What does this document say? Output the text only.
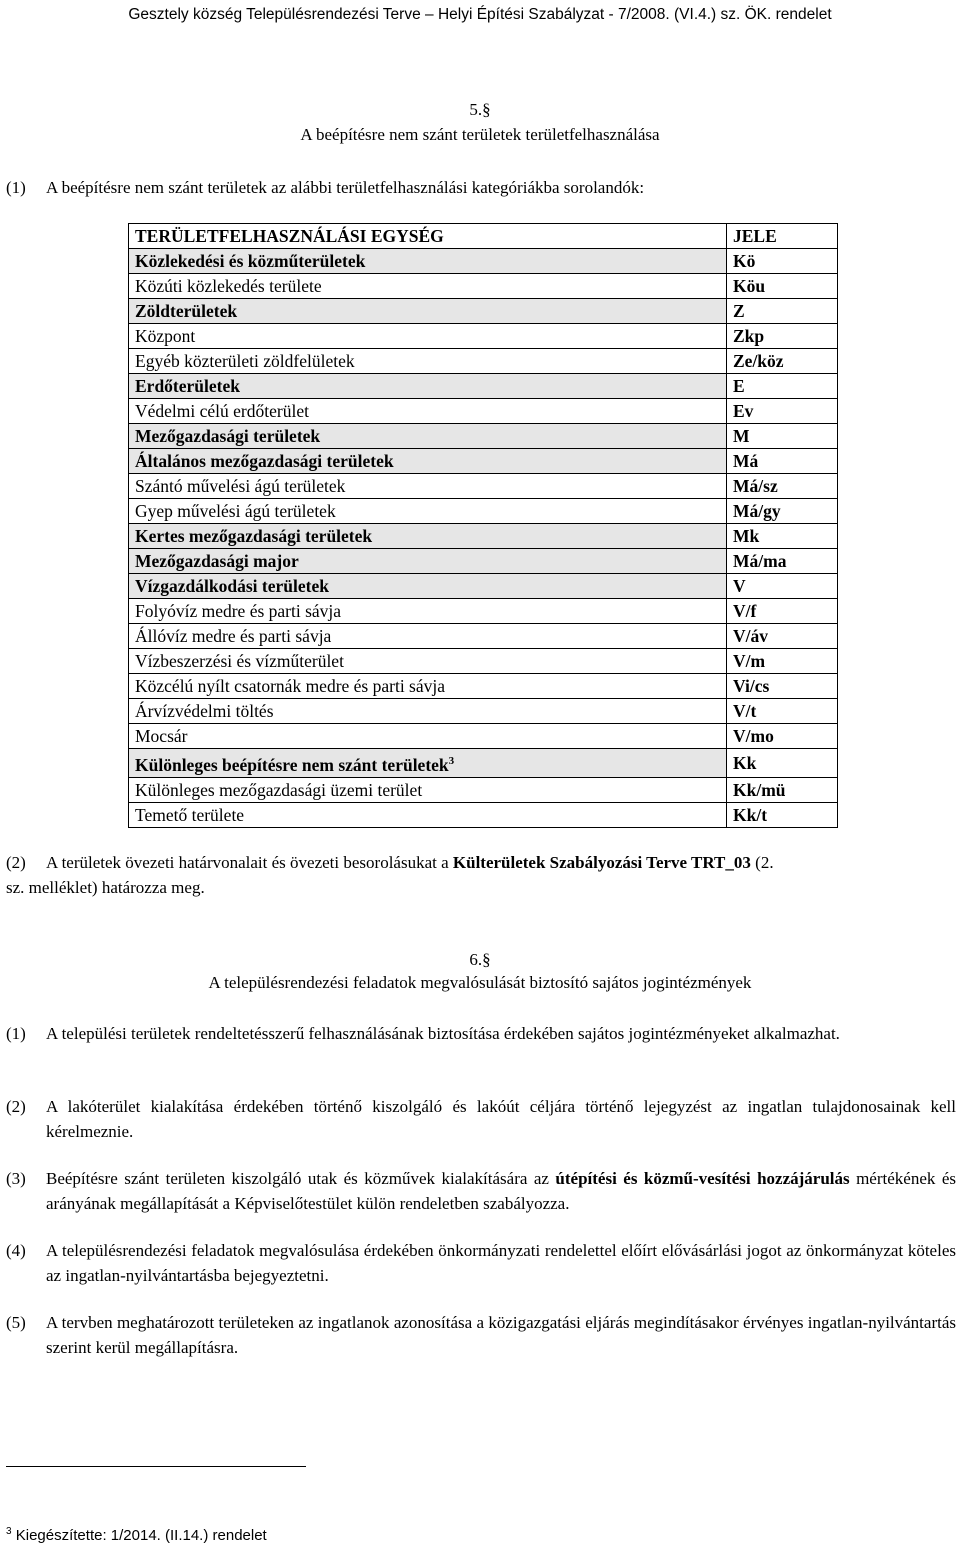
Gesztely község Településrendezési Terve – Helyi Építési Szabályzat - 7/2008. (VI.4.) sz. ÖK. rendelet
5.§
A beépítésre nem szánt területek területfelhasználása
(1) A beépítésre nem szánt területek az alábbi területfelhasználási kategóriákba sorolandók:
TERÜLETFELHASZNÁLÁSI EGYSÉG	JELE
Közlekedési és közműterületek	Kö
Közúti közlekedés területe	Köu
Zöldterületek	Z
Központ	Zkp
Egyéb közterületi zöldfelületek	Ze/köz
Erdőterületek	E
Védelmi célú erdőterület	Ev
Mezőgazdasági területek	M
Általános mezőgazdasági területek	Má
Szántó művelési ágú területek	Má/sz
Gyep művelési ágú területek	Má/gy
Kertes mezőgazdasági területek	Mk
Mezőgazdasági major	Má/ma
Vízgazdálkodási területek	V
Folyóvíz medre és parti sávja	V/f
Állóvíz medre és parti sávja	V/áv
Vízbeszerzési és vízműterület	V/m
Közcélú nyílt csatornák medre és parti sávja	Vi/cs
Árvízvédelmi töltés	V/t
Mocsár	V/mo
Különleges beépítésre nem szánt területek$^3$	Kk
Különleges mezőgazdasági üzemi terület	Kk/mü
Temető területe	Kk/t
(2) A területek övezeti határvonalait és övezeti besorolásukat a Külterületek Szabályozási Terve TRT_03 (2.
sz. melléklet) határozza meg.
6.§
A településrendezési feladatok megvalósulását biztosító sajátos jogintézmények
(1) A települési területek rendeltetésszerű felhasználásának biztosítása érdekében sajátos jogintézményeket alkalmazhat.
(2) A lakóterület kialakítása érdekében történő kiszolgáló és lakóút céljára történő lejegyzést az ingatlan tulajdonosainak kell kérelmeznie.
(3) Beépítésre szánt területen kiszolgáló utak és közművek kialakítására az útépítési és közmű-vesítési hozzájárulás mértékének és arányának megállapítását a Képviselőtestület külön rendeletben szabályozza.
(4) A településrendezési feladatok megvalósulása érdekében önkormányzati rendelettel előírt elővásárlási jogot az önkormányzat köteles az ingatlan-nyilvántartásba bejegyeztetni.
(5) A tervben meghatározott területeken az ingatlanok azonosítása a közigazgatási eljárás megindításakor érvényes ingatlan-nyilvántartás szerint kerül megállapításra.
$^3$ Kiegészítette: 1/2014. (II.14.) rendelet
